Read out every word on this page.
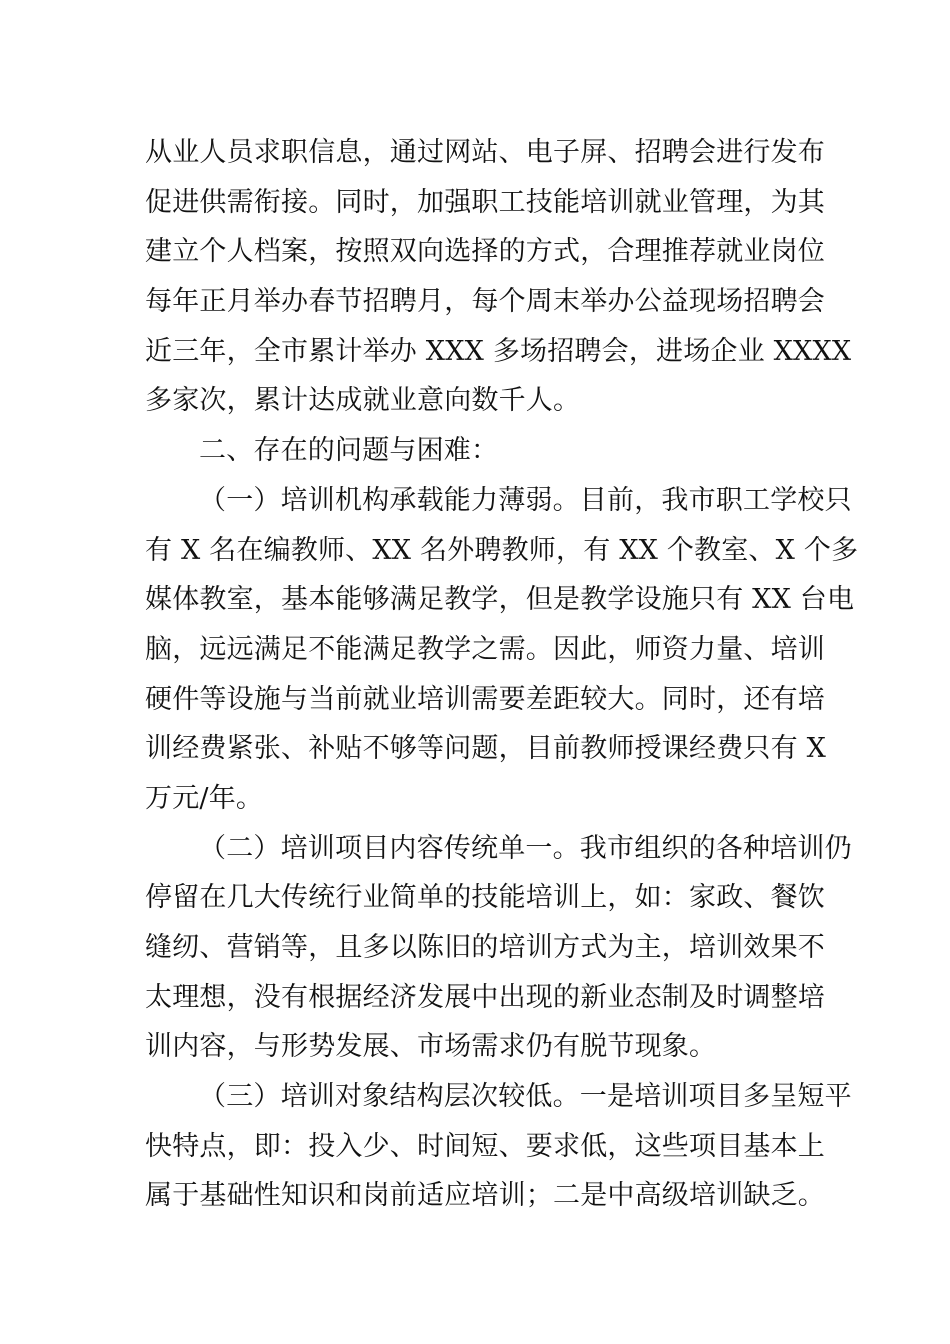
从业人员求职信息，通过网站、电子屏、招聘会进行发布
促进供需衔接。同时，加强职工技能培训就业管理，为其
建立个人档案，按照双向选择的方式，合理推荐就业岗位
每年正月举办春节招聘月，每个周末举办公益现场招聘会
近三年，全市累计举办 XXX 多场招聘会，进场企业 XXXX
多家次，累计达成就业意向数千人。
二、存在的问题与困难：
（一）培训机构承载能力薄弱。目前，我市职工学校只
有 X 名在编教师、XX 名外聘教师，有 XX 个教室、X 个多
媒体教室，基本能够满足教学，但是教学设施只有 XX 台电
脑，远远满足不能满足教学之需。因此，师资力量、培训
硬件等设施与当前就业培训需要差距较大。同时，还有培
训经费紧张、补贴不够等问题，目前教师授课经费只有 X
万元/年。
（二）培训项目内容传统单一。我市组织的各种培训仍
停留在几大传统行业简单的技能培训上，如：家政、餐饮
缝纫、营销等，且多以陈旧的培训方式为主，培训效果不
太理想，没有根据经济发展中出现的新业态制及时调整培
训内容，与形势发展、市场需求仍有脱节现象。
（三）培训对象结构层次较低。一是培训项目多呈短平
快特点，即：投入少、时间短、要求低，这些项目基本上
属于基础性知识和岗前适应培训；二是中高级培训缺乏。
